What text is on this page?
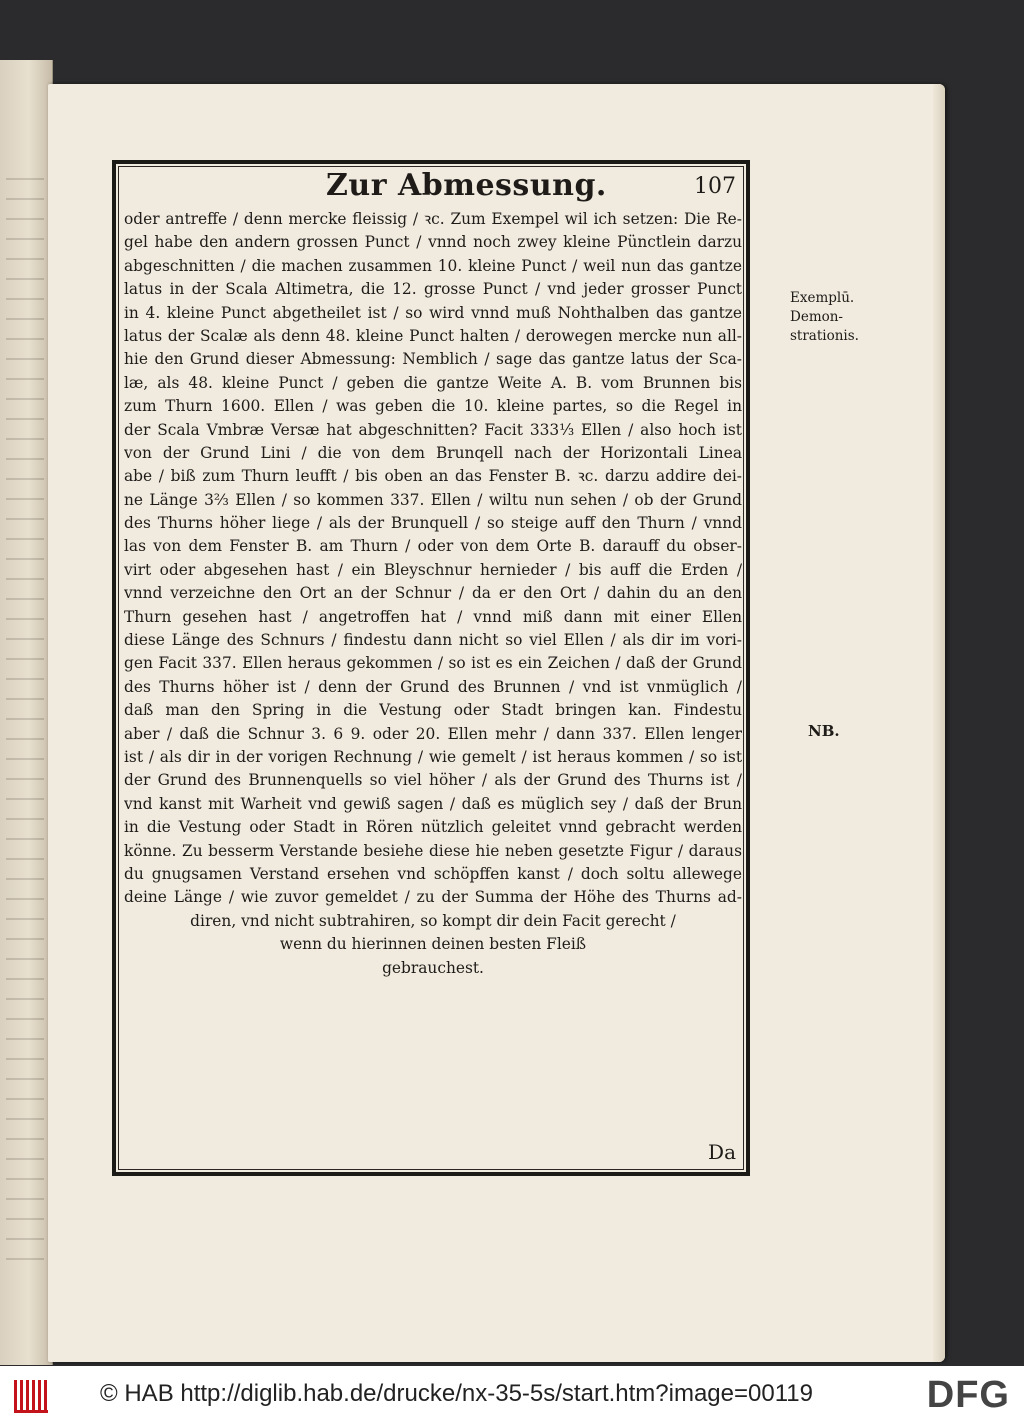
Zur Abmessung.	107
oder antreffe / denn mercke fleissig / ꝛc. Zum Exempel wil ich setzen: Die Re-
gel habe den andern grossen Punct / vnnd noch zwey kleine Pünctlein darzu
abgeschnitten / die machen zusammen 10. kleine Punct / weil nun das gantze
latus in der Scala Altimetra, die 12. grosse Punct / vnd jeder grosser Punct
in 4. kleine Punct abgetheilet ist / so wird vnnd muß Nohthalben das gantze
latus der Scalæ als denn 48. kleine Punct halten / derowegen mercke nun all-
hie den Grund dieser Abmessung: Nemblich / sage das gantze latus der Sca-
læ, als 48. kleine Punct / geben die gantze Weite A. B. vom Brunnen bis
zum Thurn 1600. Ellen / was geben die 10. kleine partes, so die Regel in
der Scala Vmbræ Versæ hat abgeschnitten? Facit 333⅓ Ellen / also hoch ist
von der Grund Lini / die von dem Brunqell nach der Horizontali Linea
abe / biß zum Thurn leufft / bis oben an das Fenster B. ꝛc. darzu addire dei-
ne Länge 3⅔ Ellen / so kommen 337. Ellen / wiltu nun sehen / ob der Grund
des Thurns höher liege / als der Brunquell / so steige auff den Thurn / vnnd
las von dem Fenster B. am Thurn / oder von dem Orte B. darauff du obser-
virt oder abgesehen hast / ein Bleyschnur hernieder / bis auff die Erden /
vnnd verzeichne den Ort an der Schnur / da er den Ort / dahin du an den
Thurn gesehen hast / angetroffen hat / vnnd miß dann mit einer Ellen
diese Länge des Schnurs / findestu dann nicht so viel Ellen / als dir im vori-
gen Facit 337. Ellen heraus gekommen / so ist es ein Zeichen / daß der Grund
des Thurns höher ist / denn der Grund des Brunnen / vnd ist vnmüglich /
daß man den Spring in die Vestung oder Stadt bringen kan. Findestu
aber / daß die Schnur 3. 6 9. oder 20. Ellen mehr / dann 337. Ellen lenger
ist / als dir in der vorigen Rechnung / wie gemelt / ist heraus kommen / so ist
der Grund des Brunnenquells so viel höher / als der Grund des Thurns ist /
vnd kanst mit Warheit vnd gewiß sagen / daß es müglich sey / daß der Brun
in die Vestung oder Stadt in Rören nützlich geleitet vnnd gebracht werden
könne. Zu besserm Verstande besiehe diese hie neben gesetzte Figur / daraus
du gnugsamen Verstand ersehen vnd schöpffen kanst / doch soltu allewege
deine Länge / wie zuvor gemeldet / zu der Summa der Höhe des Thurns ad-
diren, vnd nicht subtrahiren, so kompt dir dein Facit gerecht /
wenn du hierinnen deinen besten Fleiß
gebrauchest.
Da
Exemplū.
Demon-
strationis.
NB.
© HAB http://diglib.hab.de/drucke/nx-35-5s/start.htm?image=00119	DFG
